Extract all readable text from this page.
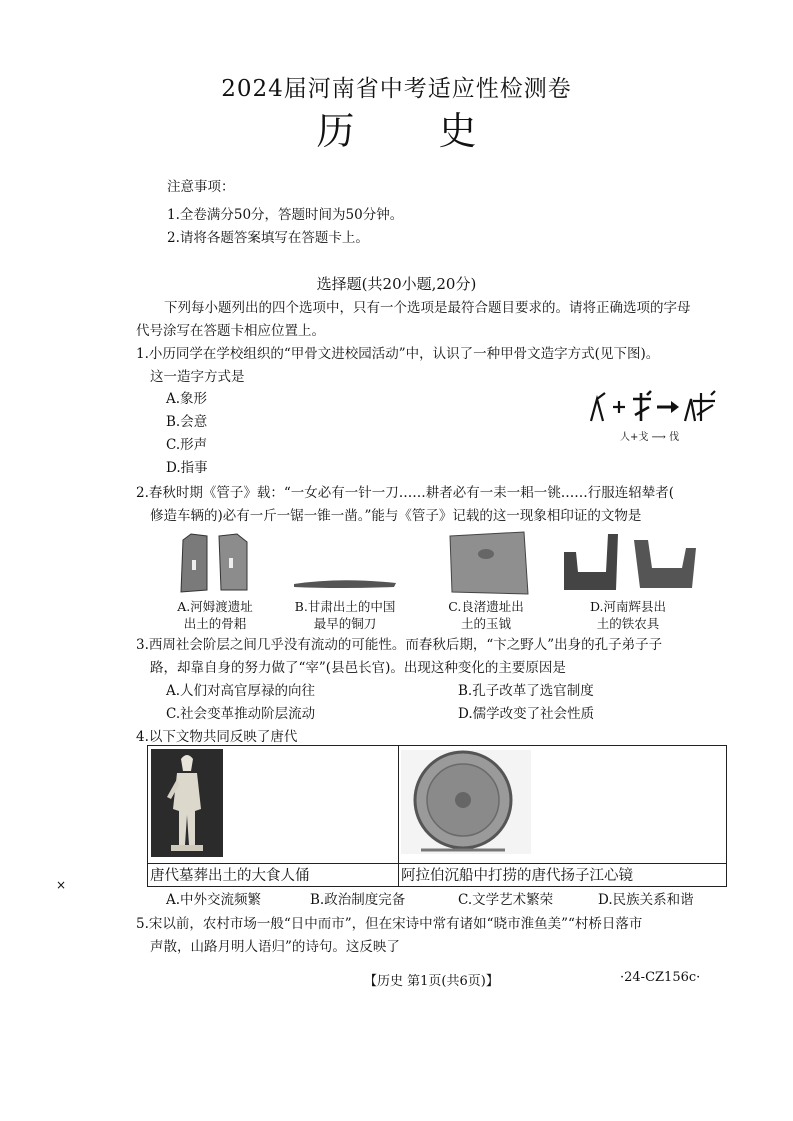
2024届河南省中考适应性检测卷
历 史
注意事项：
1.全卷满分50分，答题时间为50分钟。
2.请将各题答案填写在答题卡上。
选择题(共20小题,20分)
下列每小题列出的四个选项中，只有一个选项是最符合题目要求的。请将正确选项的字母
代号涂写在答题卡相应位置上。
1.小历同学在学校组织的“甲骨文进校园活动”中，认识了一种甲骨文造字方式(见下图)。
这一造字方式是
A.象形
B.会意
C.形声
D.指事
人+戈 ⟶ 伐
2.春秋时期《管子》载：“一女必有一针一刀……耕者必有一耒一耜一铫……行服连轺辇者(
修造车辆的)必有一斤一锯一锥一凿。”能与《管子》记载的这一现象相印证的文物是
A.河姆渡遗址
出土的骨耜
B.甘肃出土的中国
最早的铜刀
C.良渚遗址出
土的玉钺
D.河南辉县出
土的铁农具
3.西周社会阶层之间几乎没有流动的可能性。而春秋后期，“卞之野人”出身的孔子弟子子
路，却靠自身的努力做了“宰”(县邑长官)。出现这种变化的主要原因是
A.人们对高官厚禄的向往	B.孔子改革了选官制度
C.社会变革推动阶层流动	D.儒学改变了社会性质
4.以下文物共同反映了唐代

唐代墓葬出土的大食人俑	阿拉伯沉船中打捞的唐代扬子江心镜
A.中外交流频繁	B.政治制度完备	C.文学艺术繁荣	D.民族关系和谐
×
5.宋以前，农村市场一般“日中而市”，但在宋诗中常有诸如“晓市淮鱼美”“村桥日落市
声散，山路月明人语归”的诗句。这反映了
【历史 第1页(共6页)】	·24-CZ156c·
